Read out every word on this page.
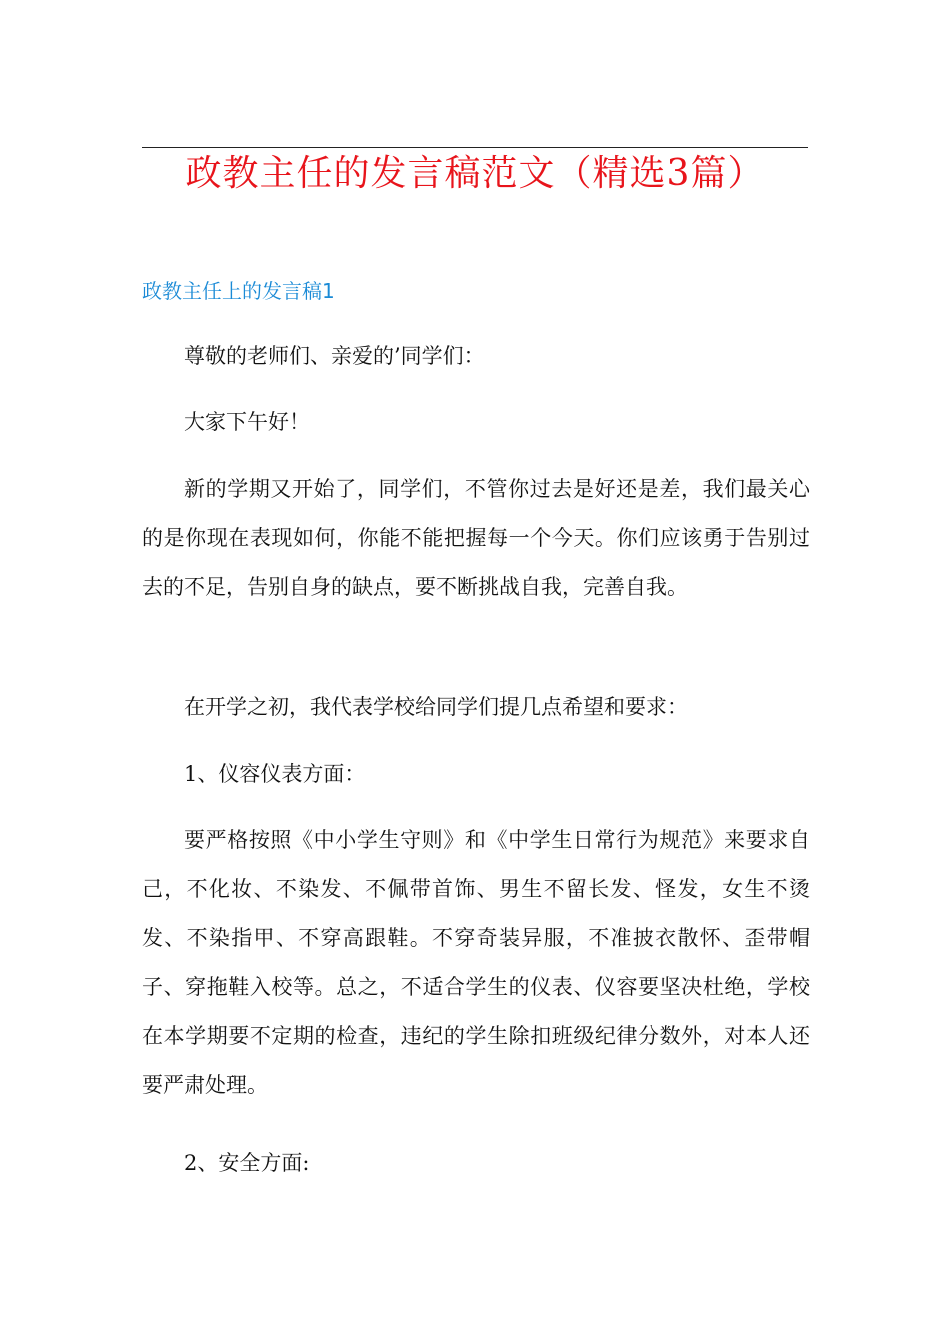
政教主任的发言稿范文（精选3篇）
政教主任上的发言稿1

尊敬的老师们、亲爱的’同学们：

大家下午好！

新的学期又开始了，同学们，不管你过去是好还是差，我们最关心的是你现在表现如何，你能不能把握每一个今天。你们应该勇于告别过去的不足，告别自身的缺点，要不断挑战自我，完善自我。

在开学之初，我代表学校给同学们提几点希望和要求：

1、仪容仪表方面：

要严格按照《中小学生守则》和《中学生日常行为规范》来要求自己，不化妆、不染发、不佩带首饰、男生不留长发、怪发，女生不烫发、不染指甲、不穿高跟鞋。不穿奇装异服，不准披衣散怀、歪带帽子、穿拖鞋入校等。总之，不适合学生的仪表、仪容要坚决杜绝，学校在本学期要不定期的检查，违纪的学生除扣班级纪律分数外，对本人还要严肃处理。

2、安全方面:
